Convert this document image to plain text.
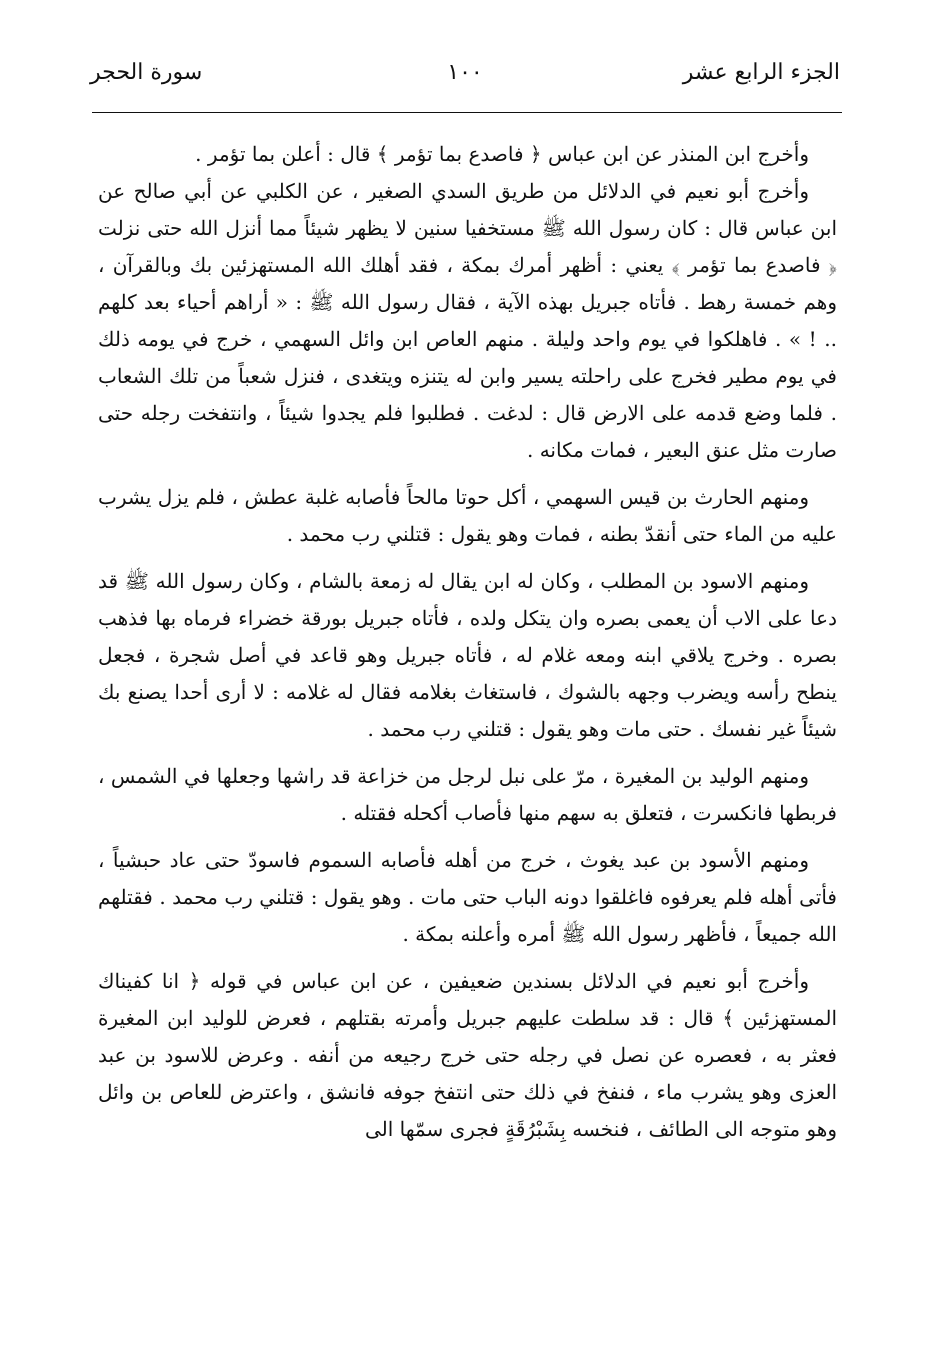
الجزء الرابع عشر
١٠٠
سورة الحجر

وأخرج ابن المنذر عن ابن عباس ﴿ فاصدع بما تؤمر ﴾ قال : أعلن بما تؤمر .

وأخرج أبو نعيم في الدلائل من طريق السدي الصغير ، عن الكلبي عن أبي صالح عن ابن عباس قال : كان رسول الله ﷺ مستخفيا سنين لا يظهر شيئاً مما أنزل الله حتى نزلت ﴿ فاصدع بما تؤمر ﴾ يعني : أظهر أمرك بمكة ، فقد أهلك الله المستهزئين بك وبالقرآن ، وهم خمسة رهط . فأتاه جبريل بهذه الآية ، فقال رسول الله ﷺ : « أراهم أحياء بعد كلهم .. ! » . فاهلكوا في يوم واحد وليلة . منهم العاص ابن وائل السهمي ، خرج في يومه ذلك في يوم مطير فخرج على راحلته يسير وابن له يتنزه ويتغدى ، فنزل شعباً من تلك الشعاب . فلما وضع قدمه على الارض قال : لدغت . فطلبوا فلم يجدوا شيئاً ، وانتفخت رجله حتى صارت مثل عنق البعير ، فمات مكانه .

ومنهم الحارث بن قيس السهمي ، أكل حوتا مالحاً فأصابه غلبة عطش ، فلم يزل يشرب عليه من الماء حتى أنقدّ بطنه ، فمات وهو يقول : قتلني رب محمد .

ومنهم الاسود بن المطلب ، وكان له ابن يقال له زمعة بالشام ، وكان رسول الله ﷺ قد دعا على الاب أن يعمى بصره وان يتكل ولده ، فأتاه جبريل بورقة خضراء فرماه بها فذهب بصره . وخرج يلاقي ابنه ومعه غلام له ، فأتاه جبريل وهو قاعد في أصل شجرة ، فجعل ينطح رأسه ويضرب وجهه بالشوك ، فاستغاث بغلامه فقال له غلامه : لا أرى أحدا يصنع بك شيئاً غير نفسك . حتى مات وهو يقول : قتلني رب محمد .

ومنهم الوليد بن المغيرة ، مرّ على نبل لرجل من خزاعة قد راشها وجعلها في الشمس ، فربطها فانكسرت ، فتعلق به سهم منها فأصاب أكحله فقتله .

ومنهم الأسود بن عبد يغوث ، خرج من أهله فأصابه السموم فاسودّ حتى عاد حبشياً ، فأتى أهله فلم يعرفوه فاغلقوا دونه الباب حتى مات . وهو يقول : قتلني رب محمد . فقتلهم الله جميعاً ، فأظهر رسول الله ﷺ أمره وأعلنه بمكة .

وأخرج أبو نعيم في الدلائل بسندين ضعيفين ، عن ابن عباس في قوله ﴿ انا كفيناك المستهزئين ﴾ قال : قد سلطت عليهم جبريل وأمرته بقتلهم ، فعرض للوليد ابن المغيرة فعثر به ، فعصره عن نصل في رجله حتى خرج رجيعه من أنفه . وعرض للاسود بن عبد العزى وهو يشرب ماء ، فنفخ في ذلك حتى انتفخ جوفه فانشق ، واعترض للعاص بن وائل وهو متوجه الى الطائف ، فنخسه بِشَبْرُقَةٍ فجرى سمّها الى
